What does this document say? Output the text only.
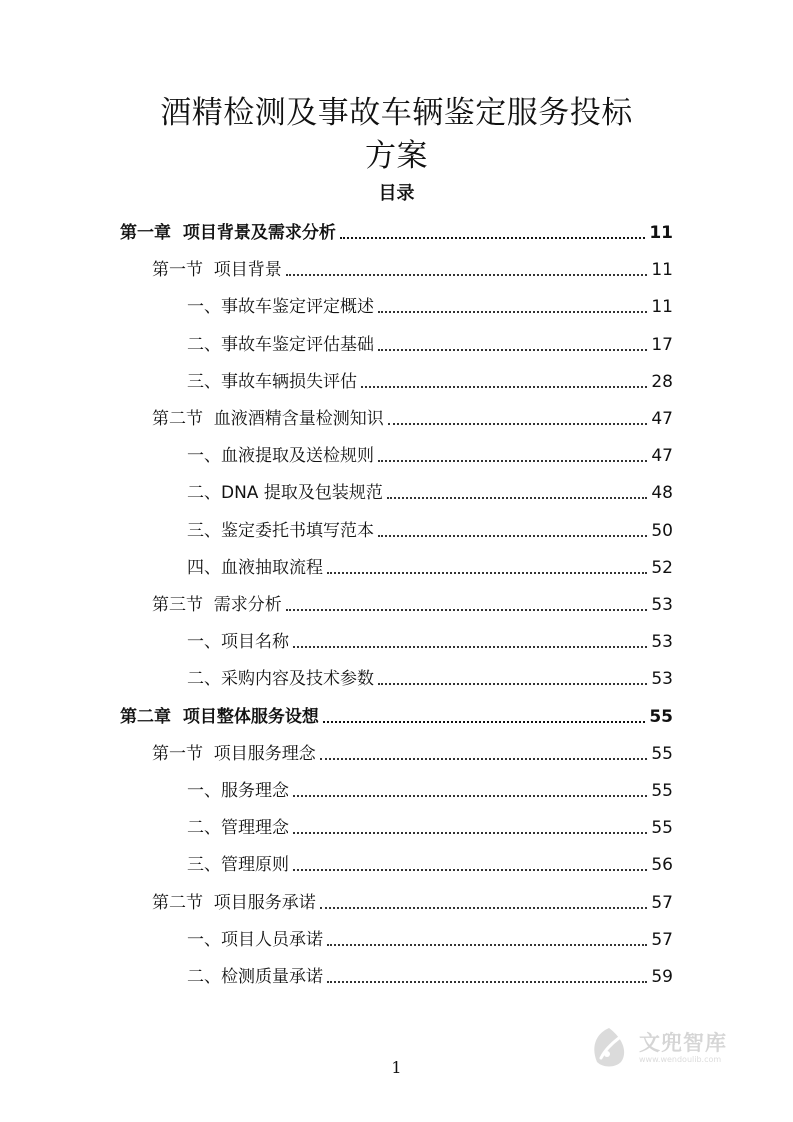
酒精检测及事故车辆鉴定服务投标
方案
目录
第一章  项目背景及需求分析	11
第一节  项目背景	11
一、事故车鉴定评定概述	11
二、事故车鉴定评估基础	17
三、事故车辆损失评估	28
第二节  血液酒精含量检测知识	47
一、血液提取及送检规则	47
二、DNA 提取及包装规范	48
三、鉴定委托书填写范本	50
四、血液抽取流程	52
第三节  需求分析	53
一、项目名称	53
二、采购内容及技术参数	53
第二章  项目整体服务设想	55
第一节  项目服务理念	55
一、服务理念	55
二、管理理念	55
三、管理原则	56
第二节  项目服务承诺	57
一、项目人员承诺	57
二、检测质量承诺	59
1
文兜智库
www.wendoulib.com
